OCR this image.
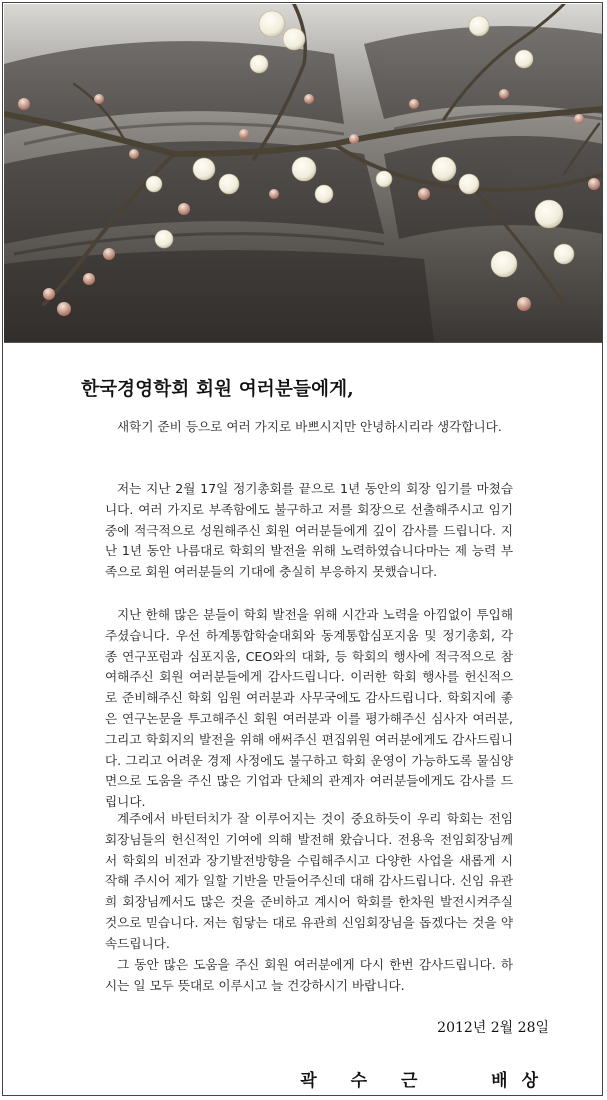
한국경영학회 회원 여러분들에게,

새학기 준비 등으로 여러 가지로 바쁘시지만 안녕하시리라 생각합니다.

저는 지난 2월 17일 정기총회를 끝으로 1년 동안의 회장 임기를 마쳤습니다. 여러 가지로 부족함에도 불구하고 저를 회장으로 선출해주시고 임기 중에 적극적으로 성원해주신 회원 여러분들에게 깊이 감사를 드립니다. 지난 1년 동안 나름대로 학회의 발전을 위해 노력하였습니다마는 제 능력 부족으로 회원 여러분들의 기대에 충실히 부응하지 못했습니다.

지난 한해 많은 분들이 학회 발전을 위해 시간과 노력을 아낌없이 투입해주셨습니다. 우선 하계통합학술대회와 동계통합심포지움 및 정기총회, 각종 연구포럼과 심포지움, CEO와의 대화, 등 학회의 행사에 적극적으로 참여해주신 회원 여러분들에게 감사드립니다. 이러한 학회 행사를 헌신적으로 준비해주신 학회 임원 여러분과 사무국에도 감사드립니다. 학회지에 좋은 연구논문을 투고해주신 회원 여러분과 이를 평가해주신 심사자 여러분, 그리고 학회지의 발전을 위해 애써주신 편집위원 여러분에게도 감사드립니다. 그리고 어려운 경제 사정에도 불구하고 학회 운영이 가능하도록 물심양면으로 도움을 주신 많은 기업과 단체의 관계자 여러분들에게도 감사를 드립니다.

계주에서 바턴터치가 잘 이루어지는 것이 중요하듯이 우리 학회는 전임회장님들의 헌신적인 기여에 의해 발전해 왔습니다. 전용욱 전임회장님께서 학회의 비전과 장기발전방향을 수립해주시고 다양한 사업을 새롭게 시작해 주시어 제가 일할 기반을 만들어주신데 대해 감사드립니다. 신임 유관희 회장님께서도 많은 것을 준비하고 계시어 학회를 한차원 발전시켜주실 것으로 믿습니다. 저는 힘닿는 대로 유관희 신임회장님을 돕겠다는 것을 약속드립니다.

그 동안 많은 도움을 주신 회원 여러분에게 다시 한번 감사드립니다. 하시는 일 모두 뜻대로 이루시고 늘 건강하시기 바랍니다.

2012년 2월 28일

곽 수 근   배상
